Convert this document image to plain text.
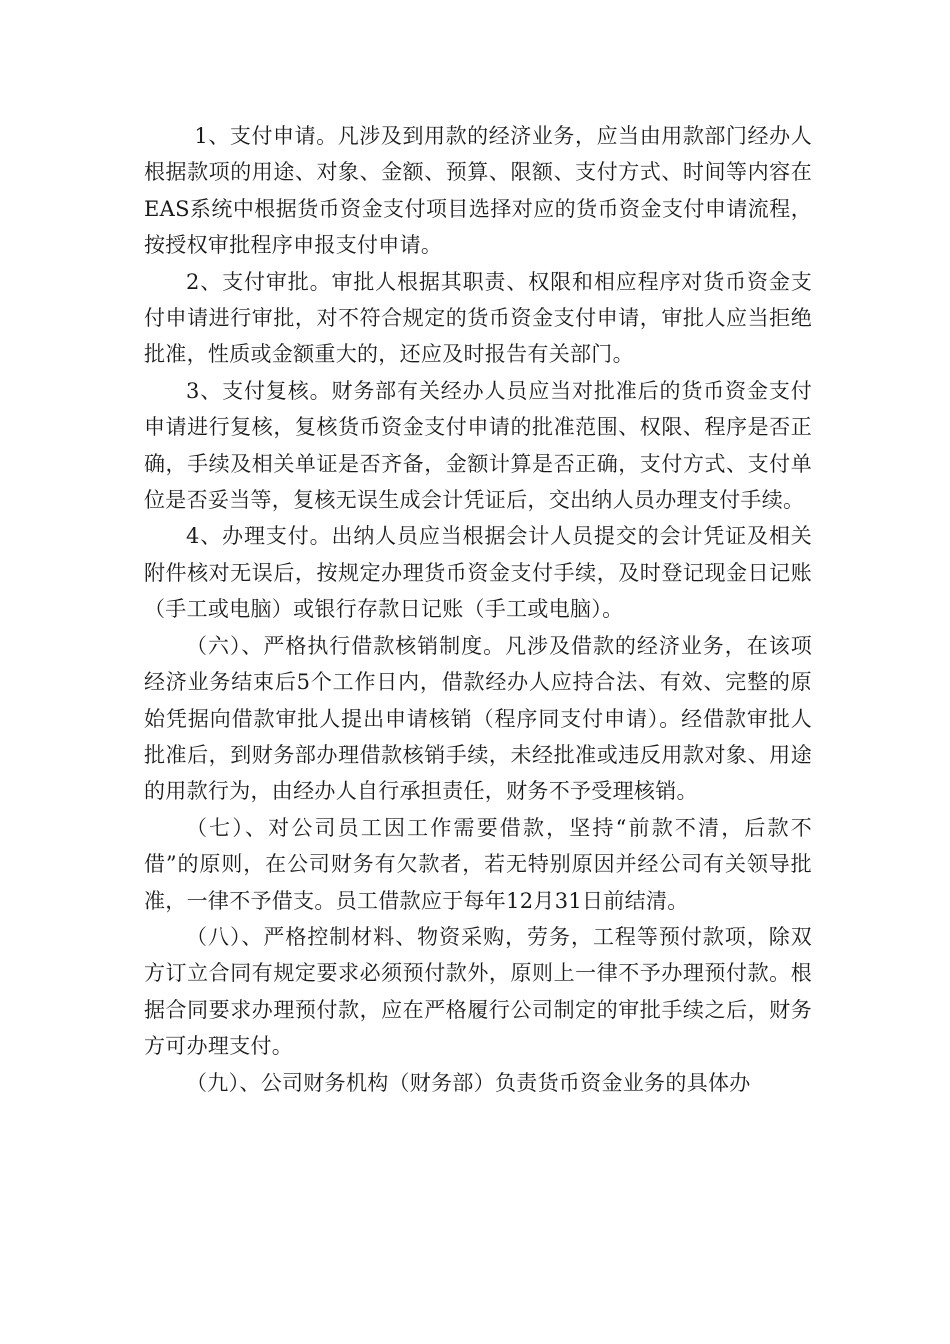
1、支付申请。凡涉及到用款的经济业务，应当由用款部门经办人根据款项的用途、对象、金额、预算、限额、支付方式、时间等内容在EAS系统中根据货币资金支付项目选择对应的货币资金支付申请流程，按授权审批程序申报支付申请。

2、支付审批。审批人根据其职责、权限和相应程序对货币资金支付申请进行审批，对不符合规定的货币资金支付申请，审批人应当拒绝批准，性质或金额重大的，还应及时报告有关部门。

3、支付复核。财务部有关经办人员应当对批准后的货币资金支付申请进行复核，复核货币资金支付申请的批准范围、权限、程序是否正确，手续及相关单证是否齐备，金额计算是否正确，支付方式、支付单位是否妥当等，复核无误生成会计凭证后，交出纳人员办理支付手续。

4、办理支付。出纳人员应当根据会计人员提交的会计凭证及相关附件核对无误后，按规定办理货币资金支付手续，及时登记现金日记账（手工或电脑）或银行存款日记账（手工或电脑）。

（六）、严格执行借款核销制度。凡涉及借款的经济业务，在该项经济业务结束后5个工作日内，借款经办人应持合法、有效、完整的原始凭据向借款审批人提出申请核销（程序同支付申请）。经借款审批人批准后，到财务部办理借款核销手续，未经批准或违反用款对象、用途的用款行为，由经办人自行承担责任，财务不予受理核销。

（七）、对公司员工因工作需要借款，坚持“前款不清，后款不借”的原则，在公司财务有欠款者，若无特别原因并经公司有关领导批准，一律不予借支。员工借款应于每年12月31日前结清。

（八）、严格控制材料、物资采购，劳务，工程等预付款项，除双方订立合同有规定要求必须预付款外，原则上一律不予办理预付款。根据合同要求办理预付款，应在严格履行公司制定的审批手续之后，财务方可办理支付。

（九）、公司财务机构（财务部）负责货币资金业务的具体办
